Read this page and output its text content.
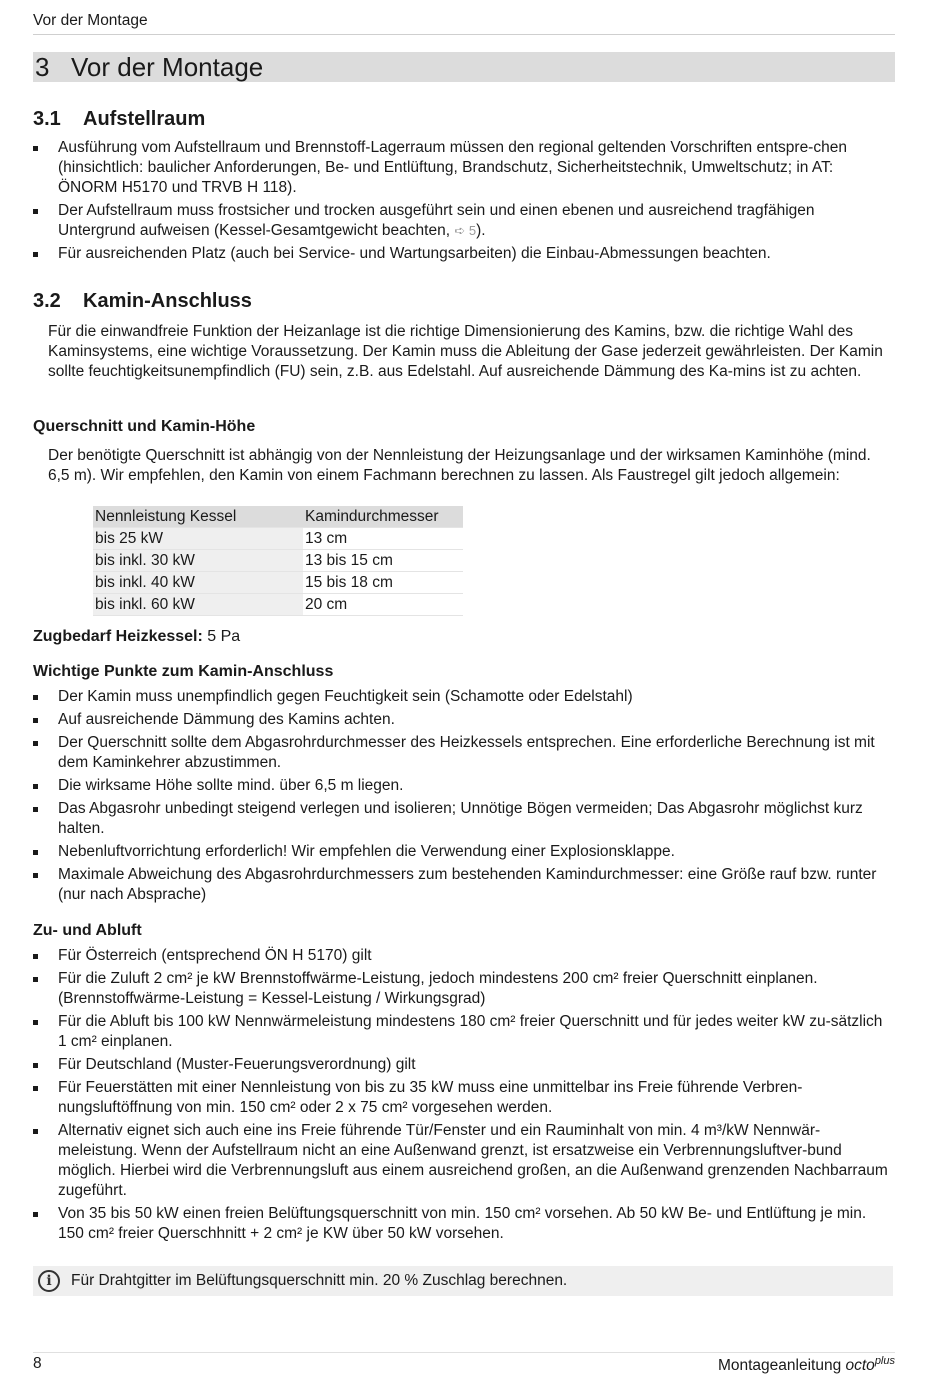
Vor der Montage
3 Vor der Montage
3.1 Aufstellraum
Ausführung vom Aufstellraum und Brennstoff-Lagerraum müssen den regional geltenden Vorschriften entspre-chen (hinsichtlich: baulicher Anforderungen, Be- und Entlüftung, Brandschutz, Sicherheitstechnik, Umweltschutz; in AT: ÖNORM H5170 und TRVB H 118).
Der Aufstellraum muss frostsicher und trocken ausgeführt sein und einen ebenen und ausreichend tragfähigen Untergrund aufweisen (Kessel-Gesamtgewicht beachten, ➪ 5).
Für ausreichenden Platz (auch bei Service- und Wartungsarbeiten) die Einbau-Abmessungen beachten.
3.2 Kamin-Anschluss

Für die einwandfreie Funktion der Heizanlage ist die richtige Dimensionierung des Kamins, bzw. die richtige Wahl des Kaminsystems, eine wichtige Voraussetzung. Der Kamin muss die Ableitung der Gase jederzeit gewährleisten. Der Kamin sollte feuchtigkeitsunempfindlich (FU) sein, z.B. aus Edelstahl. Auf ausreichende Dämmung des Ka-mins ist zu achten.

Querschnitt und Kamin-Höhe

Der benötigte Querschnitt ist abhängig von der Nennleistung der Heizungsanlage und der wirksamen Kaminhöhe (mind. 6,5 m). Wir empfehlen, den Kamin von einem Fachmann berechnen zu lassen. Als Faustregel gilt jedoch allgemein:

Nennleistung Kessel	Kamindurchmesser
bis 25 kW	13 cm
bis inkl. 30 kW	13 bis 15 cm
bis inkl. 40 kW	15 bis 18 cm
bis inkl. 60 kW	20 cm
Zugbedarf Heizkessel: 5 Pa
Wichtige Punkte zum Kamin-Anschluss
Der Kamin muss unempfindlich gegen Feuchtigkeit sein (Schamotte oder Edelstahl)
Auf ausreichende Dämmung des Kamins achten.
Der Querschnitt sollte dem Abgasrohrdurchmesser des Heizkessels entsprechen. Eine erforderliche Berechnung ist mit dem Kaminkehrer abzustimmen.
Die wirksame Höhe sollte mind. über 6,5 m liegen.
Das Abgasrohr unbedingt steigend verlegen und isolieren; Unnötige Bögen vermeiden; Das Abgasrohr möglichst kurz halten.
Nebenluftvorrichtung erforderlich! Wir empfehlen die Verwendung einer Explosionsklappe.
Maximale Abweichung des Abgasrohrdurchmessers zum bestehenden Kamindurchmesser: eine Größe rauf bzw. runter (nur nach Absprache)
Zu- und Abluft
Für Österreich (entsprechend ÖN H 5170) gilt
Für die Zuluft 2 cm² je kW Brennstoffwärme-Leistung, jedoch mindestens 200 cm² freier Querschnitt einplanen. (Brennstoffwärme-Leistung = Kessel-Leistung / Wirkungsgrad)
Für die Abluft bis 100 kW Nennwärmeleistung mindestens 180 cm² freier Querschnitt und für jedes weiter kW zu-sätzlich 1 cm² einplanen.
Für Deutschland (Muster-Feuerungsverordnung) gilt
Für Feuerstätten mit einer Nennleistung von bis zu 35 kW muss eine unmittelbar ins Freie führende Verbren-nungsluftöffnung von min. 150 cm² oder 2 x 75 cm² vorgesehen werden.
Alternativ eignet sich auch eine ins Freie führende Tür/Fenster und ein Rauminhalt von min. 4 m³/kW Nennwär-meleistung. Wenn der Aufstellraum nicht an eine Außenwand grenzt, ist ersatzweise ein Verbrennungsluftver-bund möglich. Hierbei wird die Verbrennungsluft aus einem ausreichend großen, an die Außenwand grenzenden Nachbarraum zugeführt.
Von 35 bis 50 kW einen freien Belüftungsquerschnitt von min. 150 cm² vorsehen. Ab 50 kW Be- und Entlüftung je min. 150 cm² freier Querschhnitt + 2 cm² je KW über 50 kW vorsehen.
i	Für Drahtgitter im Belüftungsquerschnitt min. 20 % Zuschlag berechnen.
8	Montageanleitung octo$^{plus}$
